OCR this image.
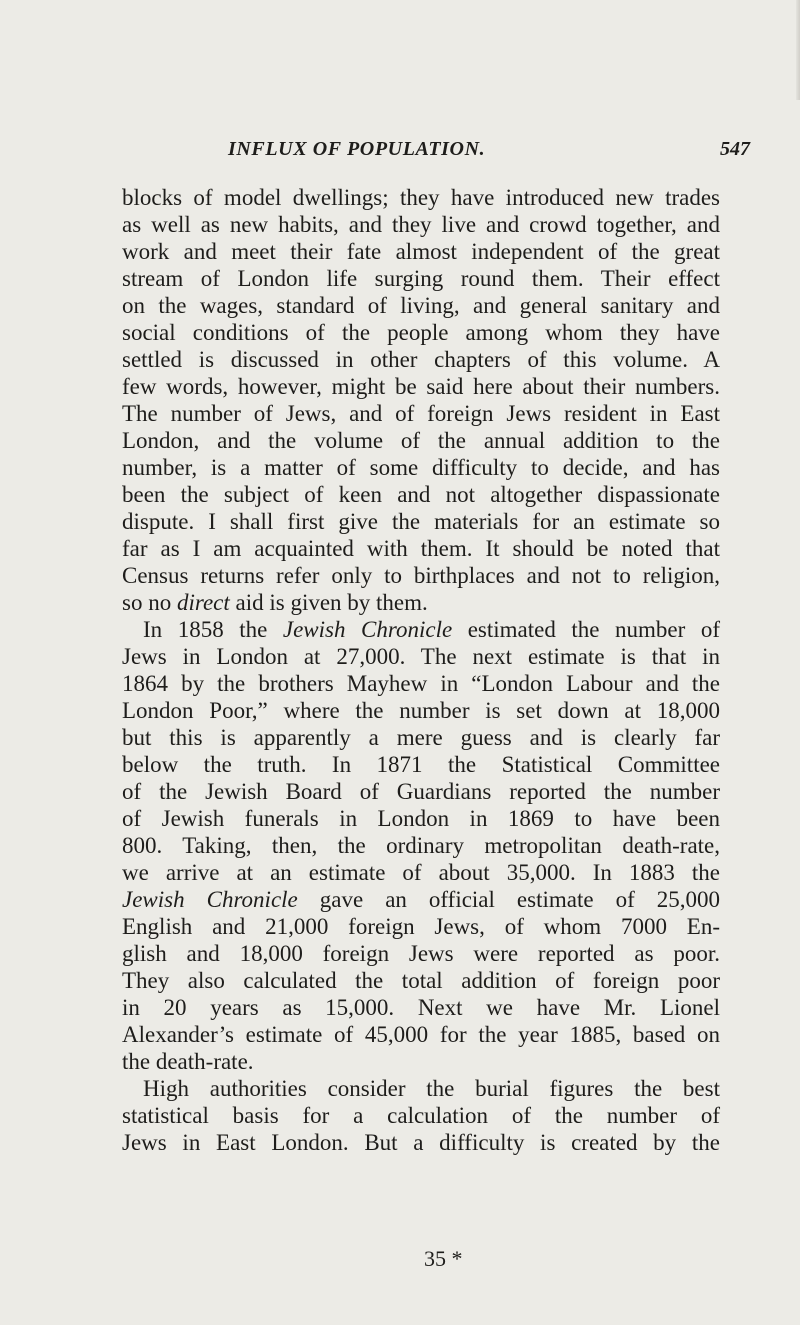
INFLUX OF POPULATION.	547
blocks of model dwellings; they have introduced new trades
as well as new habits, and they live and crowd together, and
work and meet their fate almost independent of the great
stream of London life surging round them. Their effect
on the wages, standard of living, and general sanitary and
social conditions of the people among whom they have
settled is discussed in other chapters of this volume. A
few words, however, might be said here about their numbers.
The number of Jews, and of foreign Jews resident in East
London, and the volume of the annual addition to the
number, is a matter of some difficulty to decide, and has
been the subject of keen and not altogether dispassionate
dispute. I shall first give the materials for an estimate so
far as I am acquainted with them. It should be noted that
Census returns refer only to birthplaces and not to religion,
so no direct aid is given by them.
In 1858 the Jewish Chronicle estimated the number of
Jews in London at 27,000. The next estimate is that in
1864 by the brothers Mayhew in “London Labour and the
London Poor,” where the number is set down at 18,000
but this is apparently a mere guess and is clearly far
below the truth. In 1871 the Statistical Committee
of the Jewish Board of Guardians reported the number
of Jewish funerals in London in 1869 to have been
800. Taking, then, the ordinary metropolitan death-rate,
we arrive at an estimate of about 35,000. In 1883 the
Jewish Chronicle gave an official estimate of 25,000
English and 21,000 foreign Jews, of whom 7000 En-
glish and 18,000 foreign Jews were reported as poor.
They also calculated the total addition of foreign poor
in 20 years as 15,000. Next we have Mr. Lionel
Alexander’s estimate of 45,000 for the year 1885, based on
the death-rate.
High authorities consider the burial figures the best
statistical basis for a calculation of the number of
Jews in East London. But a difficulty is created by the
35 *
